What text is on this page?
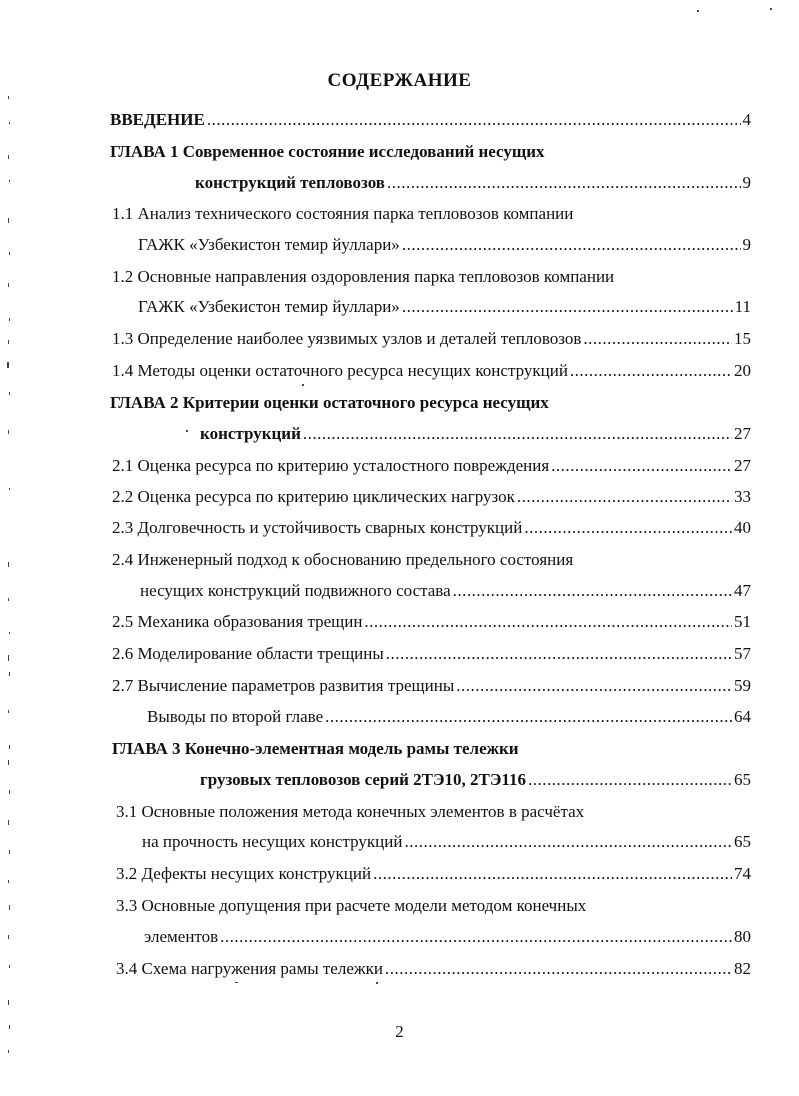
СОДЕРЖАНИЕ
ВВЕДЕНИЕ .....	4
ГЛАВА 1 Современное состояние исследований несущих
конструкций тепловозов .....	9
1.1 Анализ технического состояния парка тепловозов компании
ГАЖК «Узбекистон темир йуллари» .....	9
1.2 Основные направления оздоровления парка тепловозов компании
ГАЖК «Узбекистон темир йуллари» .....	11
1.3 Определение наиболее уязвимых узлов и деталей тепловозов .....	15
1.4 Методы оценки остаточного ресурса несущих конструкций .....	20
ГЛАВА 2 Критерии оценки остаточного ресурса несущих
конструкций .....	27
2.1 Оценка ресурса по критерию усталостного повреждения .....	27
2.2 Оценка ресурса по критерию циклических нагрузок .....	33
2.3 Долговечность и устойчивость сварных конструкций .....	40
2.4 Инженерный подход к обоснованию предельного состояния
несущих конструкций подвижного состава .....	47
2.5 Механика образования трещин .....	51
2.6 Моделирование области трещины .....	57
2.7 Вычисление параметров развития трещины .....	59
Выводы по второй главе .....	64
ГЛАВА 3 Конечно-элементная модель рамы тележки
грузовых тепловозов серий 2ТЭ10, 2ТЭ116 .....	65
3.1 Основные положения метода конечных элементов в расчётах
на прочность несущих конструкций .....	65
3.2 Дефекты несущих конструкций .....	74
3.3 Основные допущения при расчете модели методом конечных
элементов .....	80
3.4 Схема нагружения рамы тележки .....	82
2
